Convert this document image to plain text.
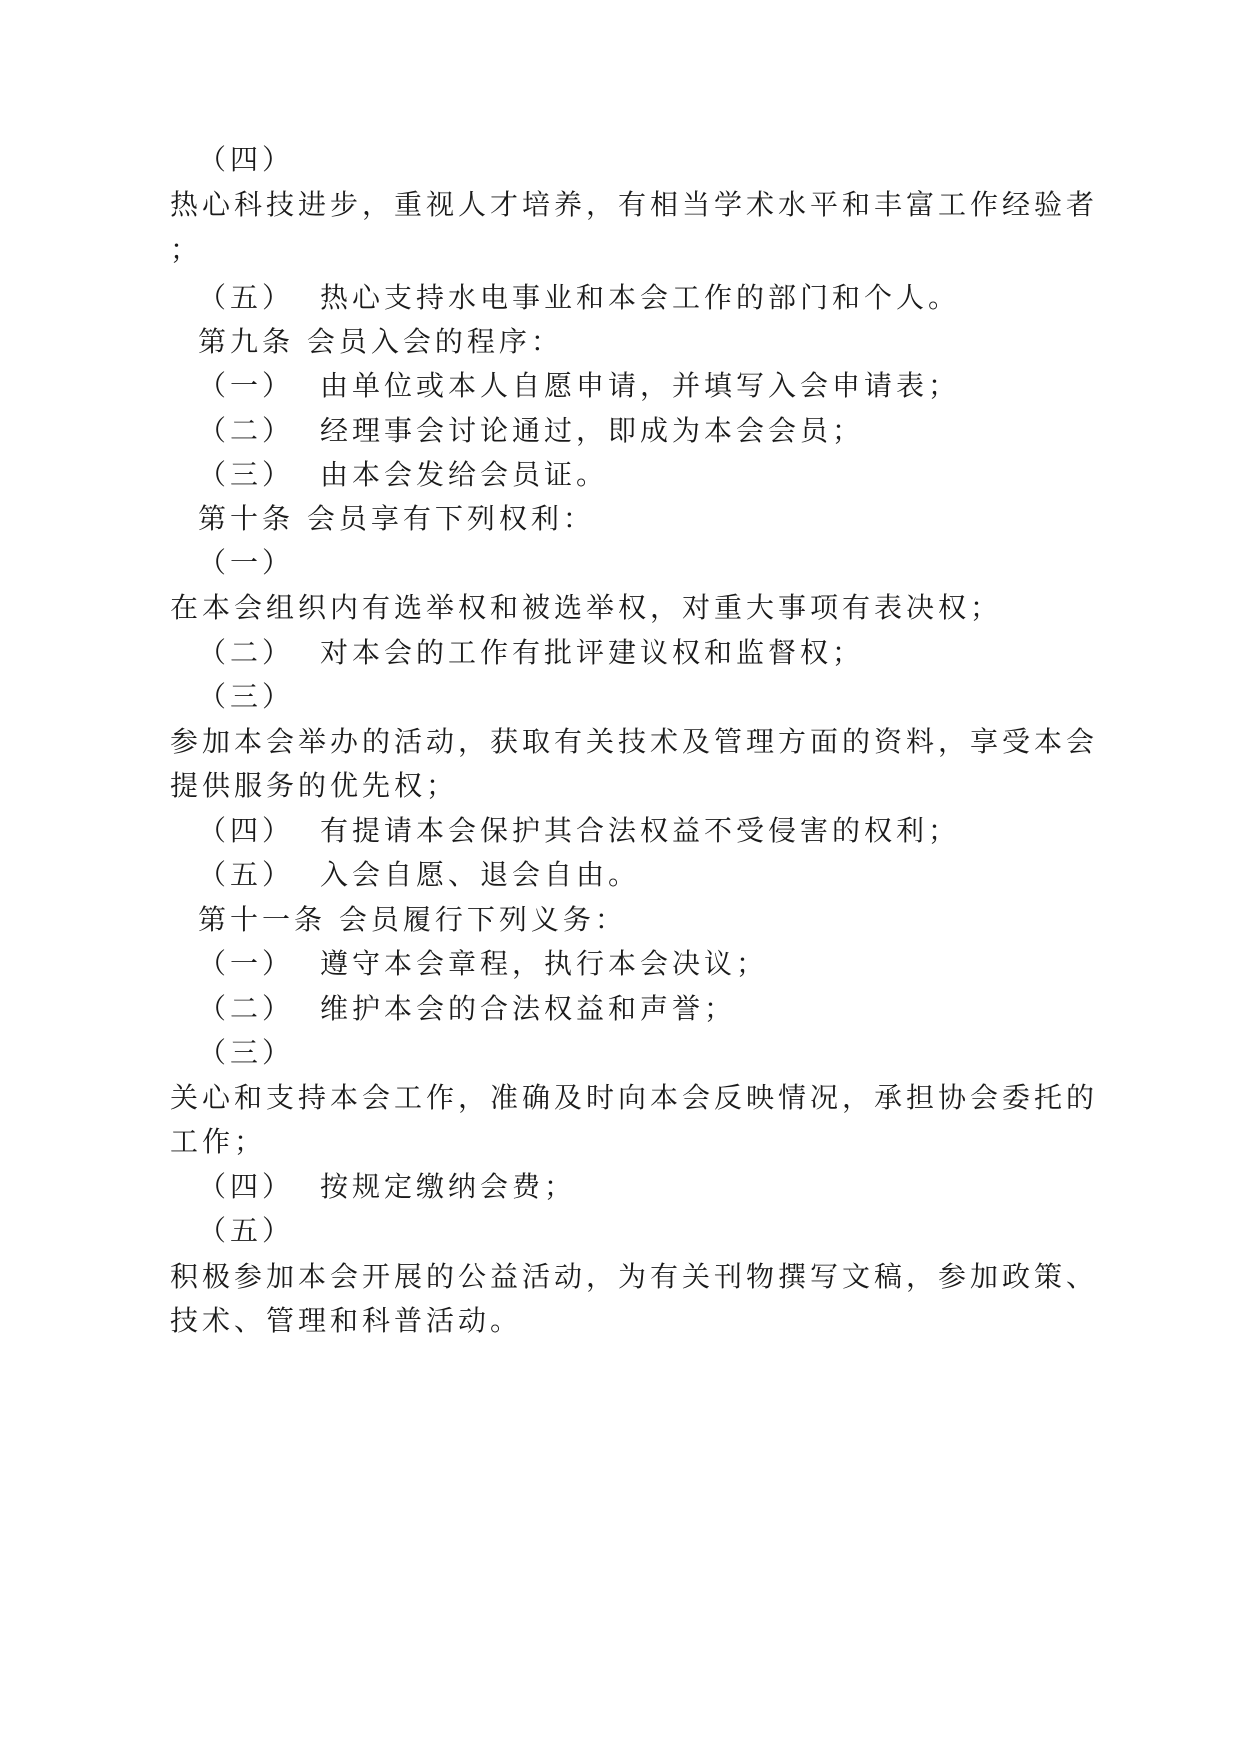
（四）
热心科技进步，重视人才培养，有相当学术水平和丰富工作经验者
；
（五） 热心支持水电事业和本会工作的部门和个人。
第九条 会员入会的程序：
（一） 由单位或本人自愿申请，并填写入会申请表；
（二） 经理事会讨论通过，即成为本会会员；
（三） 由本会发给会员证。
第十条 会员享有下列权利：
（一）
在本会组织内有选举权和被选举权，对重大事项有表决权；
（二） 对本会的工作有批评建议权和监督权；
（三）
参加本会举办的活动，获取有关技术及管理方面的资料，享受本会
提供服务的优先权；
（四） 有提请本会保护其合法权益不受侵害的权利；
（五） 入会自愿、退会自由。
第十一条 会员履行下列义务：
（一） 遵守本会章程，执行本会决议；
（二） 维护本会的合法权益和声誉；
（三）
关心和支持本会工作，准确及时向本会反映情况，承担协会委托的
工作；
（四） 按规定缴纳会费；
（五）
积极参加本会开展的公益活动，为有关刊物撰写文稿，参加政策、
技术、管理和科普活动。
